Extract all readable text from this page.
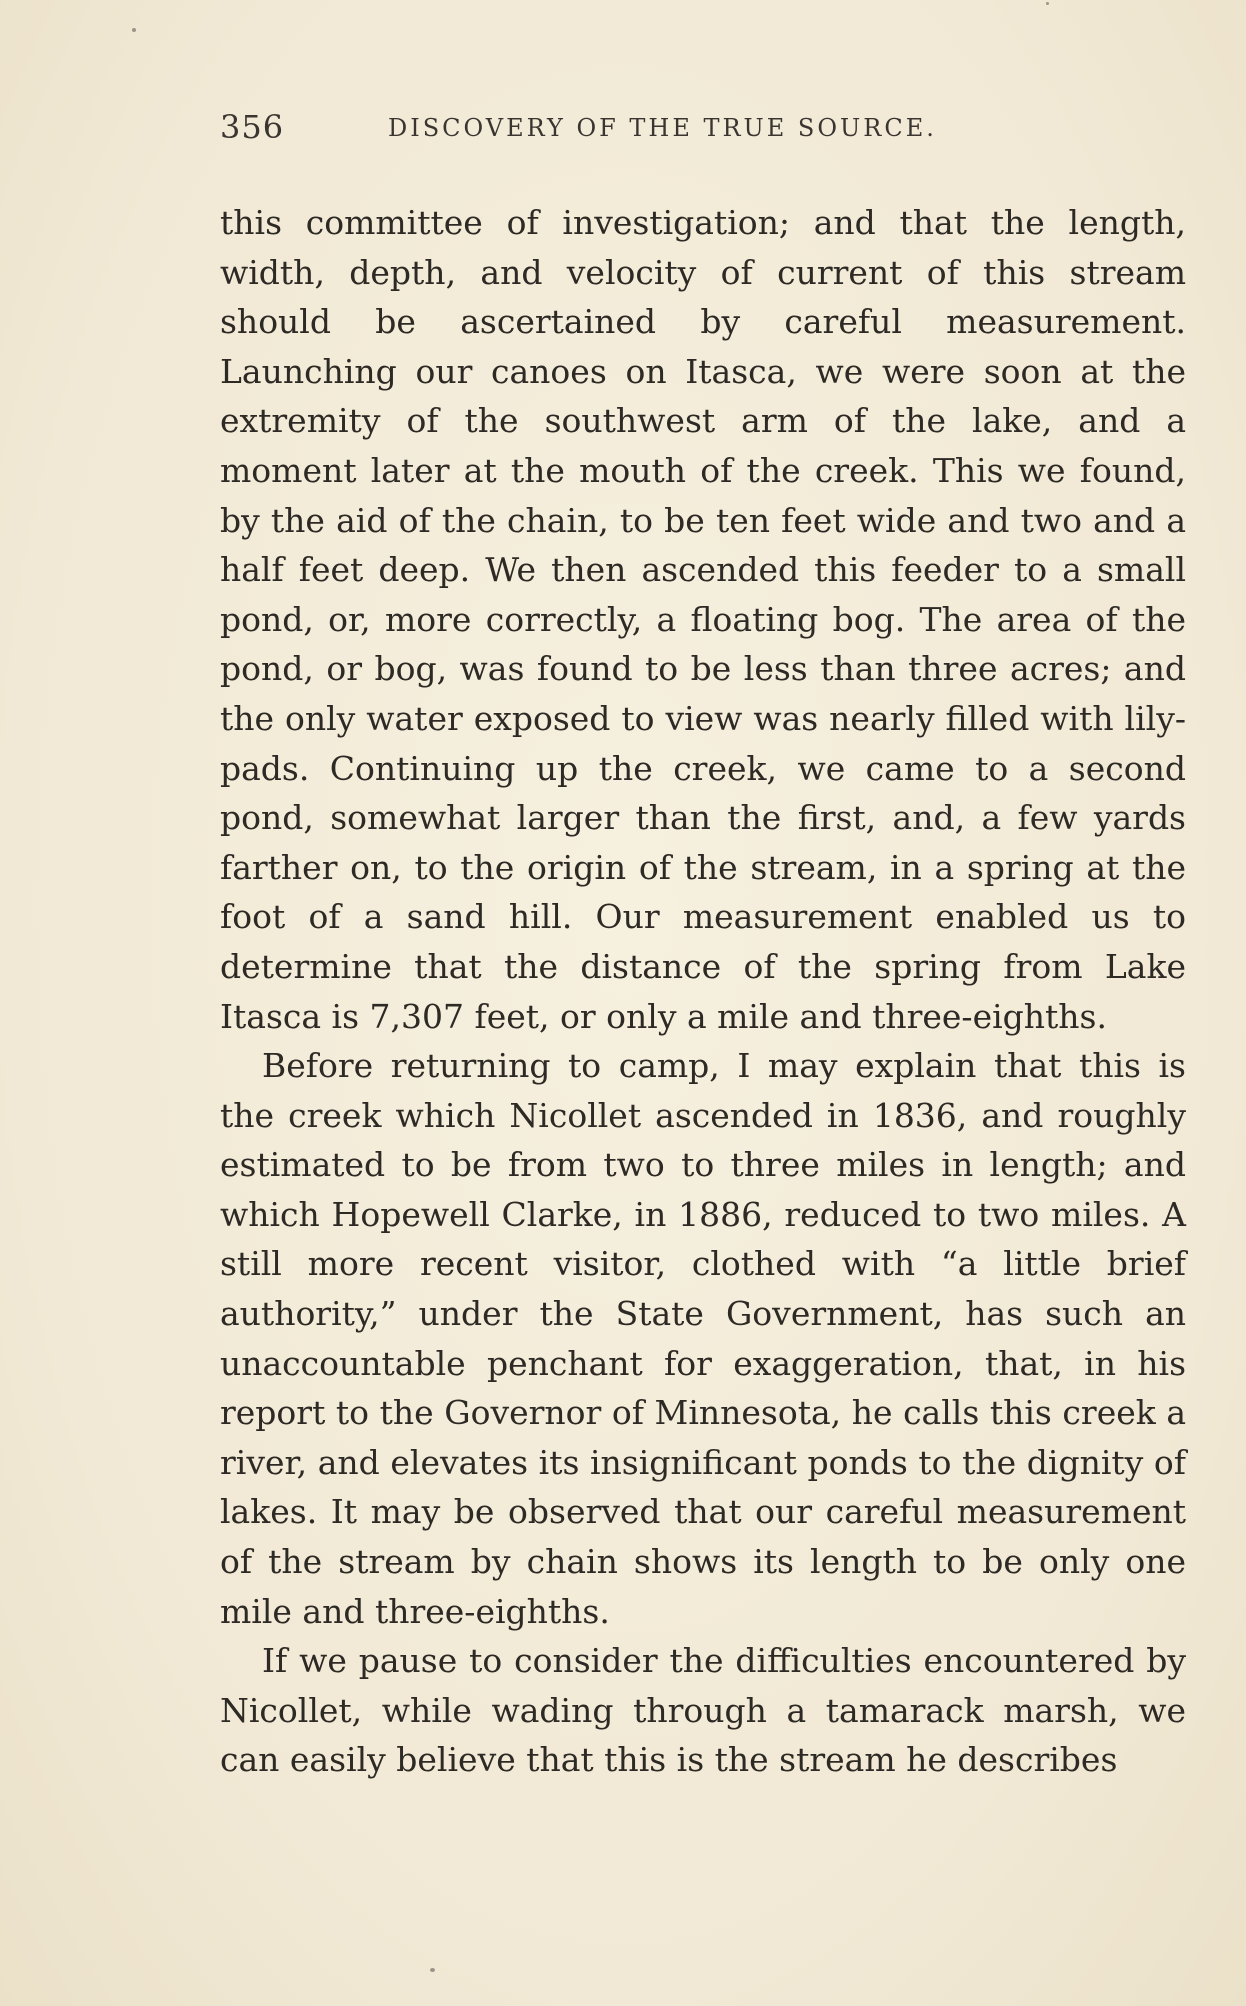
356	DISCOVERY OF THE TRUE SOURCE.

this committee of investigation; and that the length, width, depth, and velocity of current of this stream should be ascertained by careful measurement. Launching our canoes on Itasca, we were soon at the extremity of the southwest arm of the lake, and a moment later at the mouth of the creek. This we found, by the aid of the chain, to be ten feet wide and two and a half feet deep. We then ascended this feeder to a small pond, or, more correctly, a floating bog. The area of the pond, or bog, was found to be less than three acres; and the only water exposed to view was nearly filled with lily-pads. Continuing up the creek, we came to a second pond, somewhat larger than the first, and, a few yards farther on, to the origin of the stream, in a spring at the foot of a sand hill. Our measurement enabled us to determine that the distance of the spring from Lake Itasca is 7,307 feet, or only a mile and three-eighths.

Before returning to camp, I may explain that this is the creek which Nicollet ascended in 1836, and roughly estimated to be from two to three miles in length; and which Hopewell Clarke, in 1886, reduced to two miles. A still more recent visitor, clothed with “a little brief authority,” under the State Government, has such an unaccountable penchant for exaggeration, that, in his report to the Governor of Minnesota, he calls this creek a river, and elevates its insignificant ponds to the dignity of lakes. It may be observed that our careful measurement of the stream by chain shows its length to be only one mile and three-eighths.

If we pause to consider the difficulties encountered by Nicollet, while wading through a tamarack marsh, we can easily believe that this is the stream he describes
